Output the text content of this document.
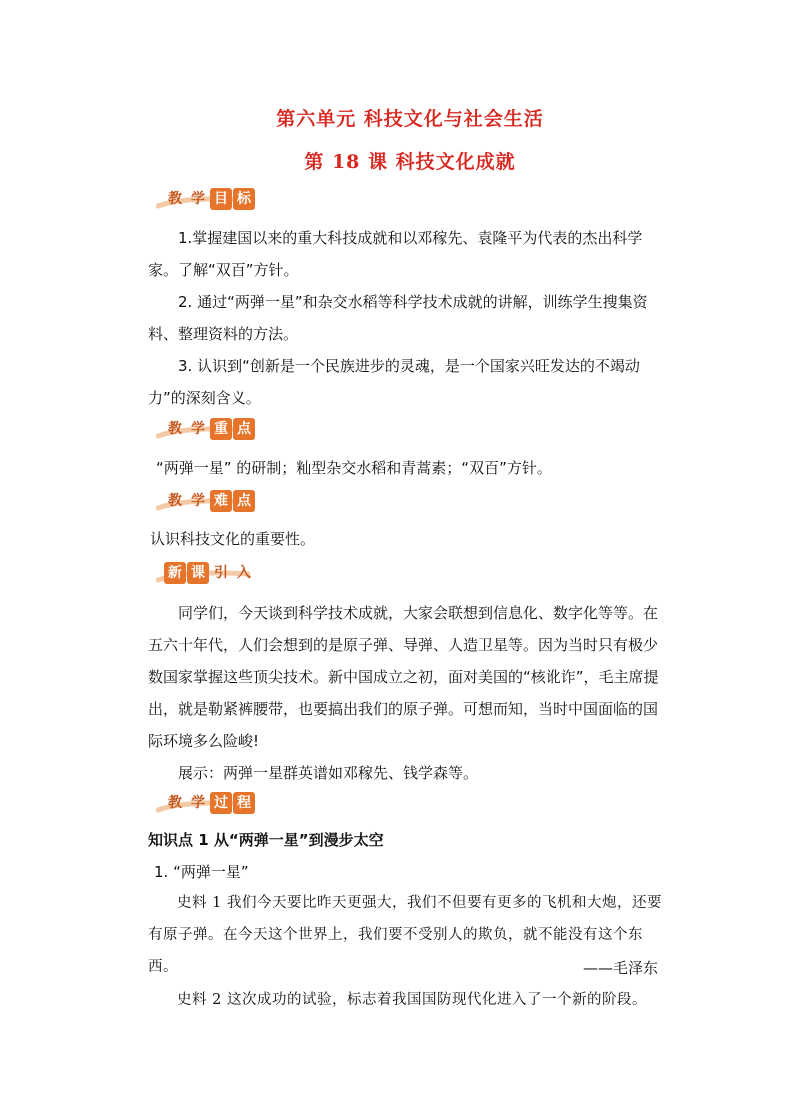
第六单元 科技文化与社会生活
第 18 课 科技文化成就
教 学 目 标
1.掌握建国以来的重大科技成就和以邓稼先、袁隆平为代表的杰出科学家。了解“双百”方针。
2. 通过“两弹一星”和杂交水稻等科学技术成就的讲解，训练学生搜集资料、整理资料的方法。
3. 认识到“创新是一个民族进步的灵魂，是一个国家兴旺发达的不竭动力”的深刻含义。
教 学 重 点
“两弹一星” 的研制；籼型杂交水稻和青蒿素；“双百”方针。
教 学 难 点
认识科技文化的重要性。
新 课 引 入
同学们，今天谈到科学技术成就，大家会联想到信息化、数字化等等。在五六十年代，人们会想到的是原子弹、导弹、人造卫星等。因为当时只有极少数国家掌握这些顶尖技术。新中国成立之初，面对美国的“核讹诈”，毛主席提出，就是勒紧裤腰带，也要搞出我们的原子弹。可想而知，当时中国面临的国际环境多么险峻!
展示：两弹一星群英谱如邓稼先、钱学森等。
教 学 过 程
知识点 1 从“两弹一星”到漫步太空
1. “两弹一星”
史料 1 我们今天要比昨天更强大，我们不但要有更多的飞机和大炮，还要有原子弹。在今天这个世界上，我们要不受别人的欺负，就不能没有这个东西。	——毛泽东
史料 2 这次成功的试验，标志着我国国防现代化进入了一个新的阶段。
